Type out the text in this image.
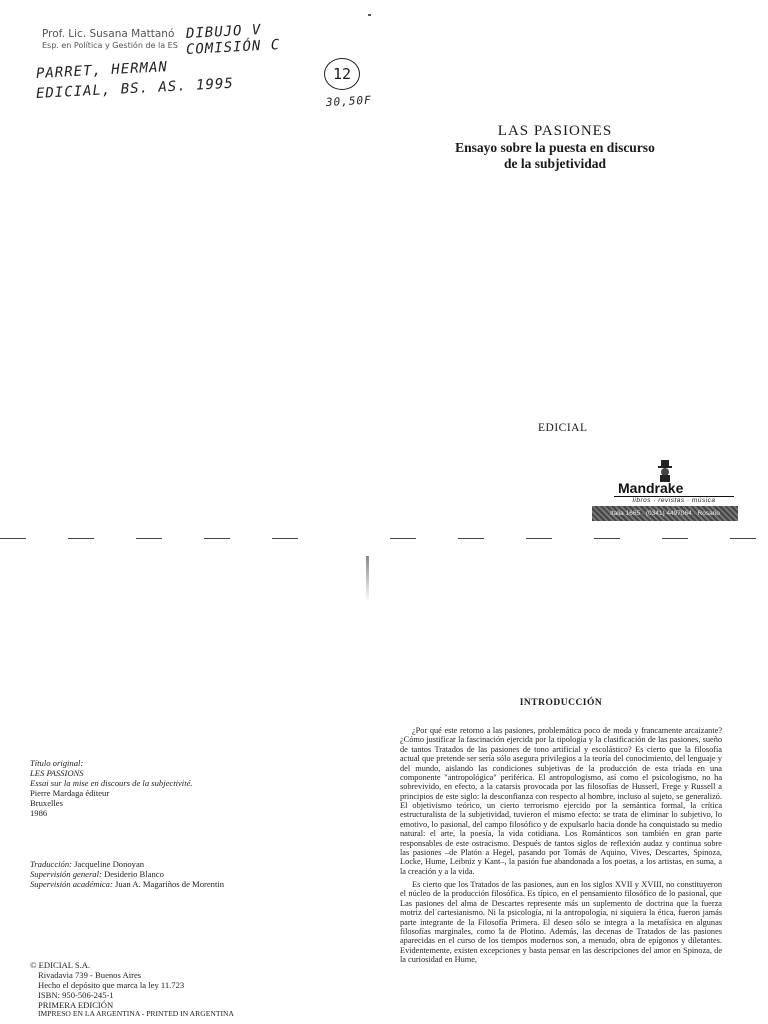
Prof. Lic. Susana Mattanó
Esp. en Política y Gestión de la ES
DIBUJO V
COMISIÓN C
PARRET, HERMAN
EDICIAL, BS. AS. 1995
12
30,50F
LAS PASIONES
Ensayo sobre la puesta en discurso
de la subjetividad
EDICIAL
Mandrake
libros · revistas · música
Italia 1665 · (0341) 4497064 · Rosario
Título original:
LES PASSIONS
Essai sur la mise en discours de la subjectivité.
Pierre Mardaga éditeur
Bruxelles
1986
Traducción: Jacqueline Donoyan
Supervisión general: Desiderio Blanco
Supervisión académica: Juan A. Magariños de Morentin
© EDICIAL S.A.
Rivadavia 739 - Buenos Aires
Hecho el depósito que marca la ley 11.723
ISBN: 950-506-245-1
PRIMERA EDICIÓN
IMPRESO EN LA ARGENTINA - PRINTED IN ARGENTINA
INTRODUCCIÓN

¿Por qué este retorno a las pasiones, problemática poco de moda y francamente arcaizante? ¿Cómo justificar la fascinación ejercida por la tipología y la clasificación de las pasiones, sueño de tantos Tratados de las pasiones de tono artificial y escolástico? Es cierto que la filosofía actual que pretende ser sería sólo asegura privilegios a la teoría del conocimiento, del lenguaje y del mundo, aislando las condiciones subjetivas de la producción de esta tríada en una componente "antropológica" periférica. El antropologismo, así como el psicologismo, no ha sobrevivido, en efecto, a la catarsis provocada por las filosofías de Husserl, Frege y Russell a principios de este siglo: la desconfianza con respecto al hombre, incluso al sujeto, se generalizó. El objetivismo teórico, un cierto terrorismo ejercido por la semántica formal, la crítica estructuralista de la subjetividad, tuvieron el mismo efecto: se trata de eliminar lo subjetivo, lo emotivo, lo pasional, del campo filosófico y de expulsarlo hacia donde ha conquistado su medio natural: el arte, la poesía, la vida cotidiana. Los Románticos son también en gran parte responsables de este ostracismo. Después de tantos siglos de reflexión audaz y continua sobre las pasiones –de Platón a Hegel, pasando por Tomás de Aquino, Vives, Descartes, Spinoza, Locke, Hume, Leibniz y Kant–, la pasión fue abandonada a los poetas, a los artistas, en suma, a la creación y a la vida.

Es cierto que los Tratados de las pasiones, aun en los siglos XVII y XVIII, no constituyeron el núcleo de la producción filosófica. Es típico, en el pensamiento filosófico de lo pasional, que Las pasiones del alma de Descartes represente más un suplemento de doctrina que la fuerza motriz del cartesianismo. Ni la psicología, ni la antropología, ni siquiera la ética, fueron jamás parte integrante de la Filosofía Primera. El deseo sólo se integra a la metafísica en algunas filosofías marginales, como la de Plotino. Además, las decenas de Tratados de las pasiones aparecidas en el curso de los tiempos modernos son, a menudo, obra de epígonos y diletantes. Evidentemente, existen excepciones y basta pensar en las descripciones del amor en Spinoza, de la curiosidad en Hume,
